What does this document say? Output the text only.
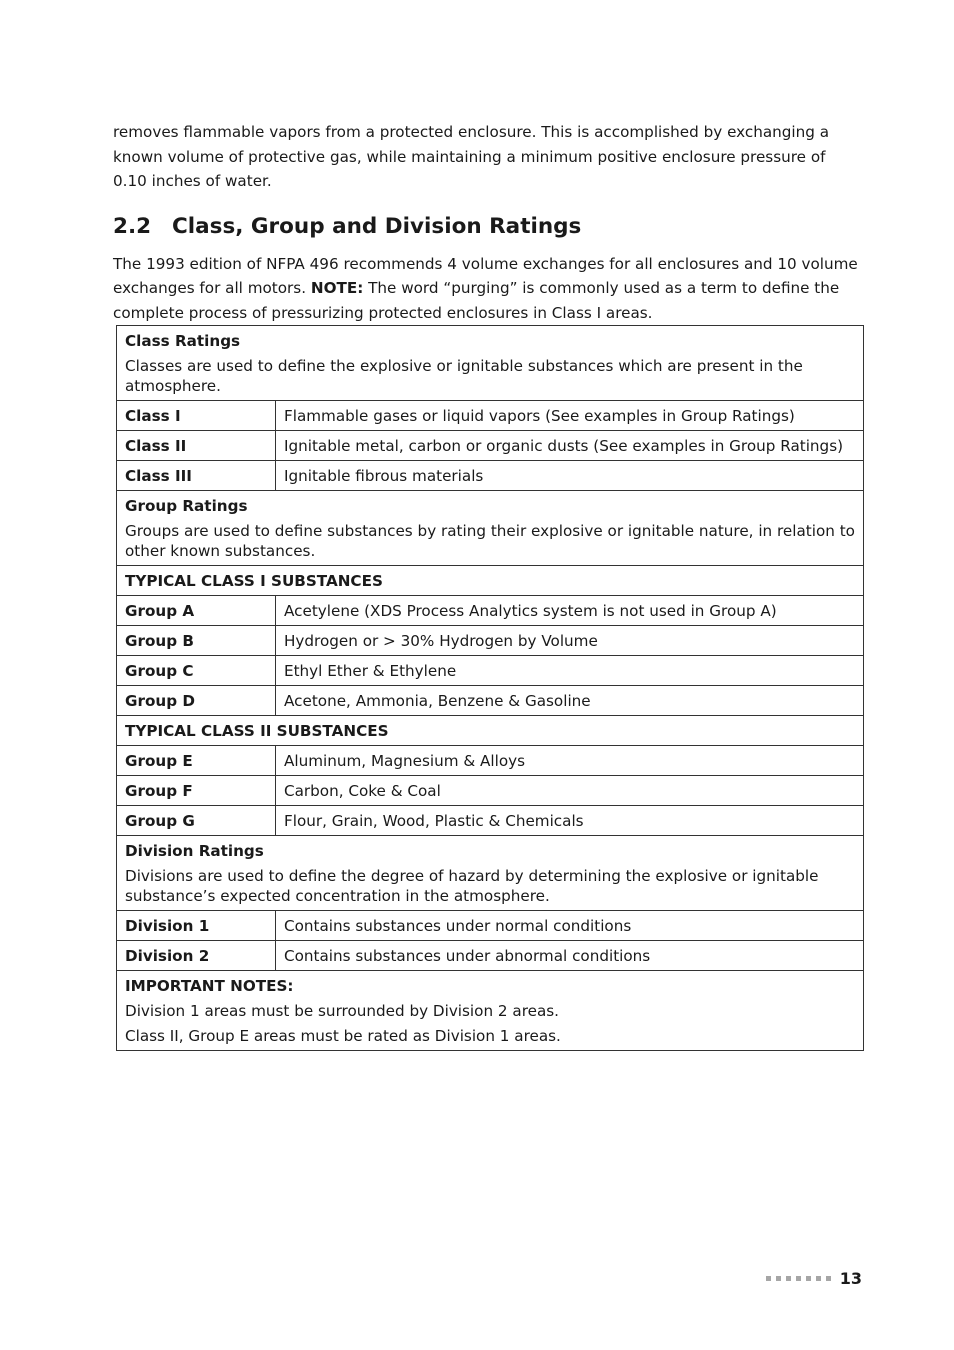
removes flammable vapors from a protected enclosure. This is accomplished by exchanging a known volume of protective gas, while maintaining a minimum positive enclosure pressure of 0.10 inches of water.

2.2 Class, Group and Division Ratings

The 1993 edition of NFPA 496 recommends 4 volume exchanges for all enclosures and 10 volume exchanges for all motors. NOTE: The word “purging” is commonly used as a term to define the complete process of pressurizing protected enclosures in Class I areas.

Class Ratings
Classes are used to define the explosive or ignitable substances which are present in the atmosphere.	

Class I	Flammable gases or liquid vapors (See examples in Group Ratings)
Class II	Ignitable metal, carbon or organic dusts (See examples in Group Ratings)
Class III	Ignitable fibrous materials

Group Ratings
Groups are used to define substances by rating their explosive or ignitable nature, in relation to other known substances.	

TYPICAL CLASS I SUBSTANCES	
Group A	Acetylene (XDS Process Analytics system is not used in Group A)
Group B	Hydrogen or > 30% Hydrogen by Volume
Group C	Ethyl Ether & Ethylene
Group D	Acetone, Ammonia, Benzene & Gasoline
TYPICAL CLASS II SUBSTANCES	
Group E	Aluminum, Magnesium & Alloys
Group F	Carbon, Coke & Coal
Group G	Flour, Grain, Wood, Plastic & Chemicals

Division Ratings
Divisions are used to define the degree of hazard by determining the explosive or ignitable substance’s expected concentration in the atmosphere.	

Division 1	Contains substances under normal conditions
Division 2	Contains substances under abnormal conditions

IMPORTANT NOTES:
Division 1 areas must be surrounded by Division 2 areas.
Class II, Group E areas must be rated as Division 1 areas.	
13
